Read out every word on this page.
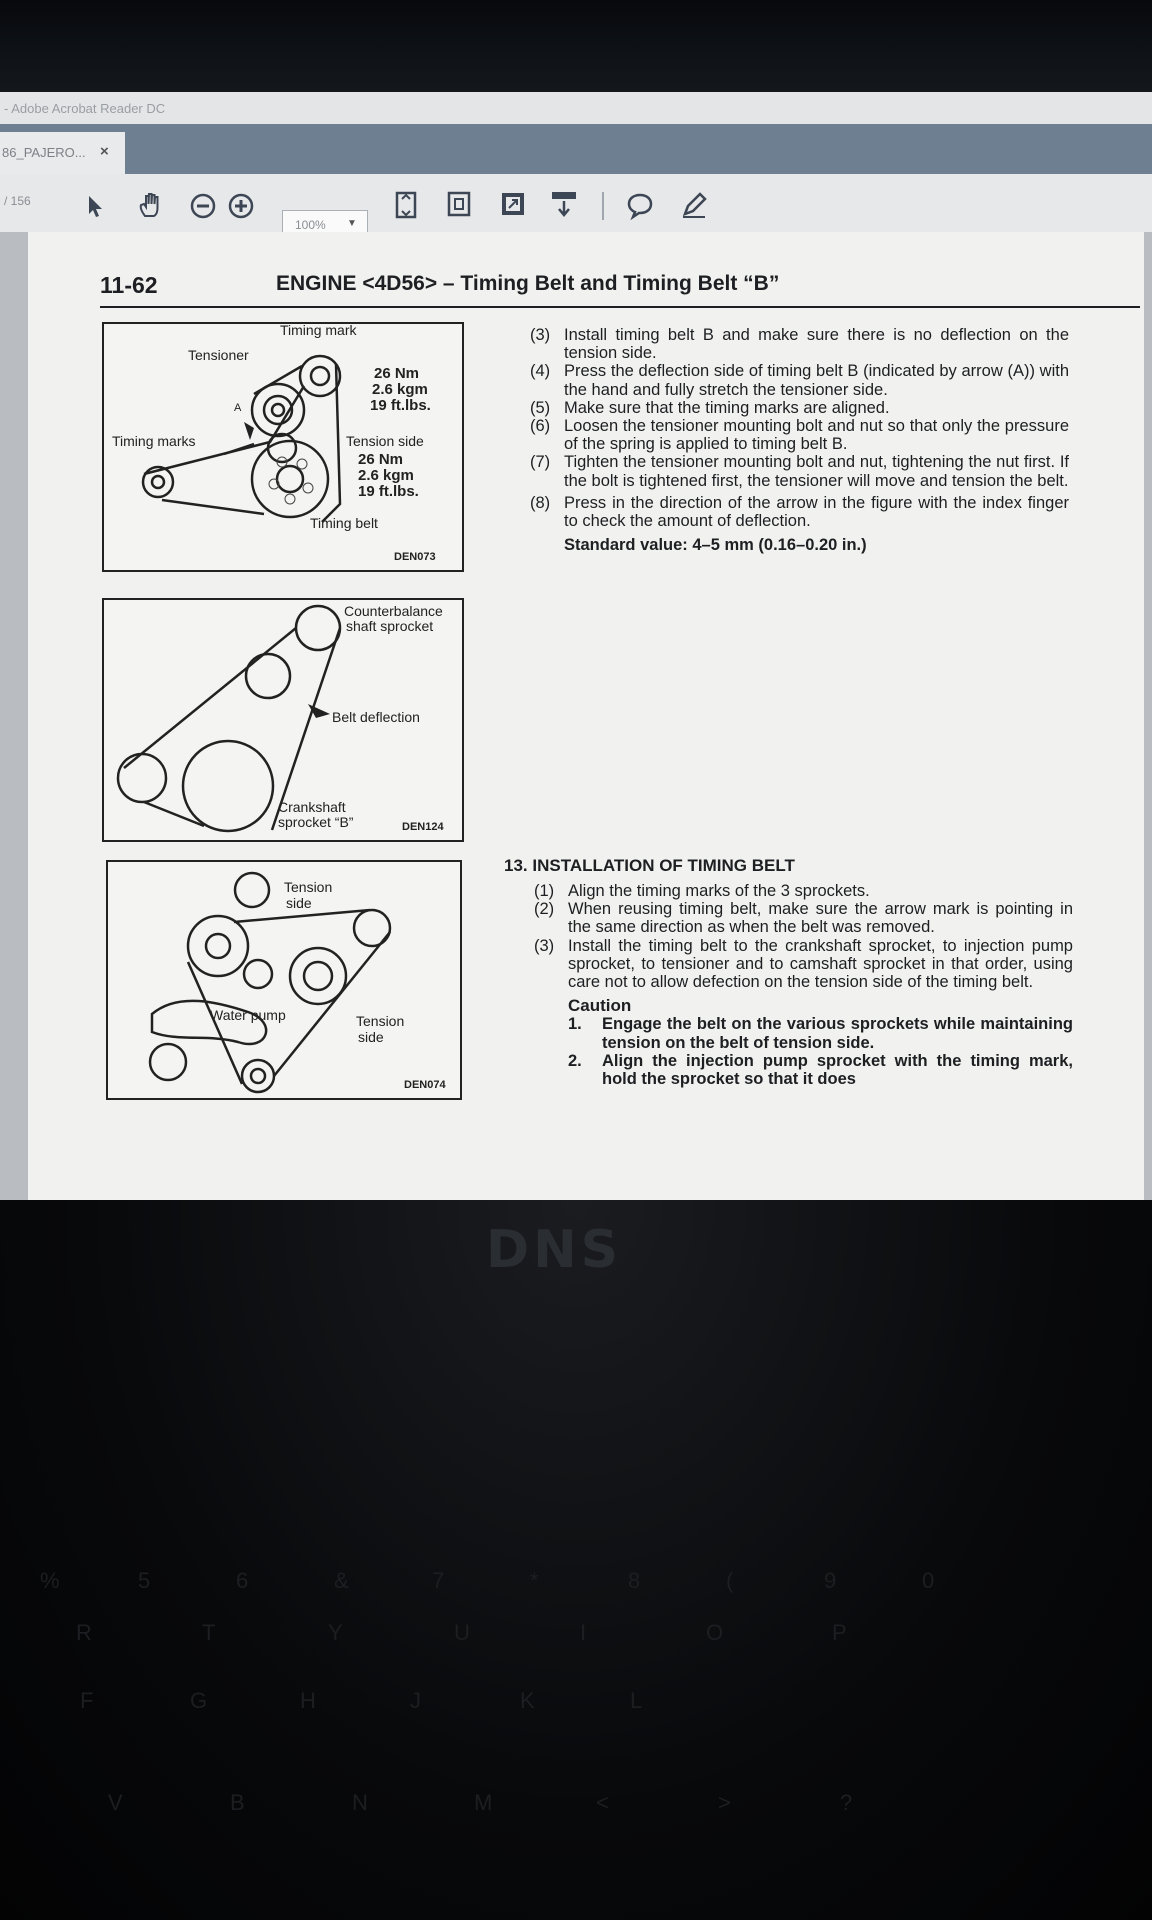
- Adobe Acrobat Reader DC
86_PAJERO... ×
/ 156
100% ▼
11-62	ENGINE <4D56> – Timing Belt and Timing Belt “B”
Timing mark
Tensioner
A
Timing marks
26 Nm
2.6 kgm
19 ft.lbs.
Tension side
26 Nm
2.6 kgm
19 ft.lbs.
Timing belt
DEN073
Counterbalance
shaft sprocket
Belt deflection
Crankshaft
sprocket “B”	DEN124
Tension
side
Water pump	Tension
side
DEN074
(3) Install timing belt B and make sure there is no deflection on the tension side.
(4) Press the deflection side of timing belt B (indicated by arrow (A)) with the hand and fully stretch the tensioner side.
(5) Make sure that the timing marks are aligned.
(6) Loosen the tensioner mounting bolt and nut so that only the pressure of the spring is applied to timing belt B.
(7) Tighten the tensioner mounting bolt and nut, tightening the nut first. If the bolt is tightened first, the tensioner will move and tension the belt.
(8) Press in the direction of the arrow in the figure with the index finger to check the amount of deflection.
Standard value: 4–5 mm (0.16–0.20 in.)
13. INSTALLATION OF TIMING BELT
(1) Align the timing marks of the 3 sprockets.
(2) When reusing timing belt, make sure the arrow mark is pointing in the same direction as when the belt was removed.
(3) Install the timing belt to the crankshaft sprocket, to injection pump sprocket, to tensioner and to camshaft sprocket in that order, using care not to allow defection on the tension side of the timing belt.
Caution
1.	Engage the belt on the various sprockets while maintaining tension on the belt of tension side.
2.	Align the injection pump sprocket with the timing mark, hold the sprocket so that it does
DNS
%	5	6	&	7	*	8	(	9	0
R	T	Y	U	I	O	P
F	G	H	J	K	L
V	B	N	M	<	>	?
